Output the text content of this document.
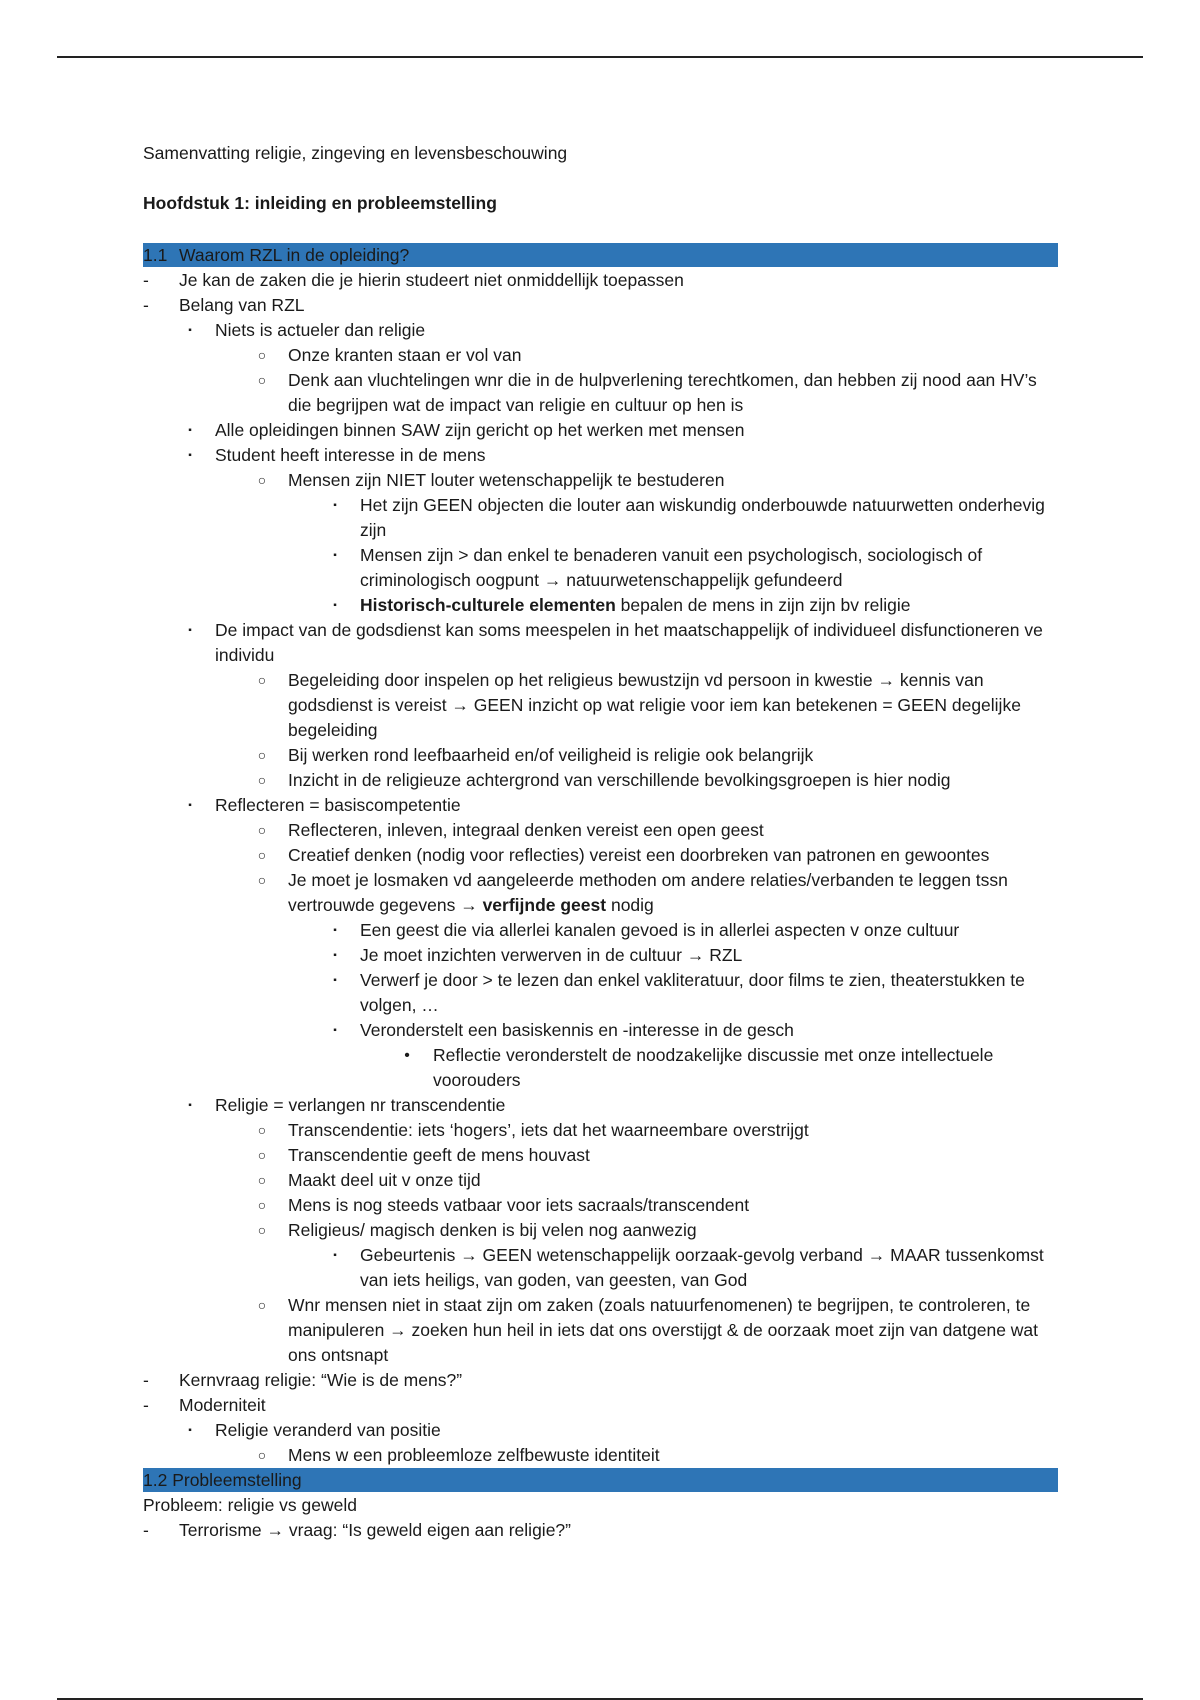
Samenvatting religie, zingeving en levensbeschouwing
Hoofdstuk 1: inleiding en probleemstelling
1.1 Waarom RZL in de opleiding?
- Je kan de zaken die je hierin studeert niet onmiddellijk toepassen
- Belang van RZL
▪	Niets is actueler dan religie
○	Onze kranten staan er vol van
○	Denk aan vluchtelingen wnr die in de hulpverlening terechtkomen, dan hebben zij nood aan HV’s die begrijpen wat de impact van religie en cultuur op hen is
▪	Alle opleidingen binnen SAW zijn gericht op het werken met mensen
▪	Student heeft interesse in de mens
○	Mensen zijn NIET louter wetenschappelijk te bestuderen
▪	Het zijn GEEN objecten die louter aan wiskundig onderbouwde natuurwetten onderhevig zijn
▪	Mensen zijn > dan enkel te benaderen vanuit een psychologisch, sociologisch of criminologisch oogpunt → natuurwetenschappelijk gefundeerd
▪	Historisch-culturele elementen bepalen de mens in zijn zijn bv religie
▪	De impact van de godsdienst kan soms meespelen in het maatschappelijk of individueel disfunctioneren ve individu
○	Begeleiding door inspelen op het religieus bewustzijn vd persoon in kwestie → kennis van godsdienst is vereist → GEEN inzicht op wat religie voor iem kan betekenen = GEEN degelijke begeleiding
○	Bij werken rond leefbaarheid en/of veiligheid is religie ook belangrijk
○	Inzicht in de religieuze achtergrond van verschillende bevolkingsgroepen is hier nodig
▪	Reflecteren = basiscompetentie
○	Reflecteren, inleven, integraal denken vereist een open geest
○	Creatief denken (nodig voor reflecties) vereist een doorbreken van patronen en gewoontes
○	Je moet je losmaken vd aangeleerde methoden om andere relaties/verbanden te leggen tssn vertrouwde gegevens → verfijnde geest nodig
▪	Een geest die via allerlei kanalen gevoed is in allerlei aspecten v onze cultuur
▪	Je moet inzichten verwerven in de cultuur → RZL
▪	Verwerf je door > te lezen dan enkel vakliteratuur, door films te zien, theaterstukken te volgen, …
▪	Veronderstelt een basiskennis en -interesse in de gesch
•	Reflectie veronderstelt de noodzakelijke discussie met onze intellectuele voorouders
▪	Religie = verlangen nr transcendentie
○	Transcendentie: iets ‘hogers’, iets dat het waarneembare overstrijgt
○	Transcendentie geeft de mens houvast
○	Maakt deel uit v onze tijd
○	Mens is nog steeds vatbaar voor iets sacraals/transcendent
○	Religieus/ magisch denken is bij velen nog aanwezig
▪	Gebeurtenis → GEEN wetenschappelijk oorzaak-gevolg verband → MAAR tussenkomst van iets heiligs, van goden, van geesten, van God
○	Wnr mensen niet in staat zijn om zaken (zoals natuurfenomenen) te begrijpen, te controleren, te manipuleren → zoeken hun heil in iets dat ons overstijgt & de oorzaak moet zijn van datgene wat ons ontsnapt
- Kernvraag religie: “Wie is de mens?”
- Moderniteit
▪	Religie veranderd van positie
○	Mens w een probleemloze zelfbewuste identiteit
1.2 Probleemstelling
Probleem: religie vs geweld
- Terrorisme → vraag: “Is geweld eigen aan religie?”
